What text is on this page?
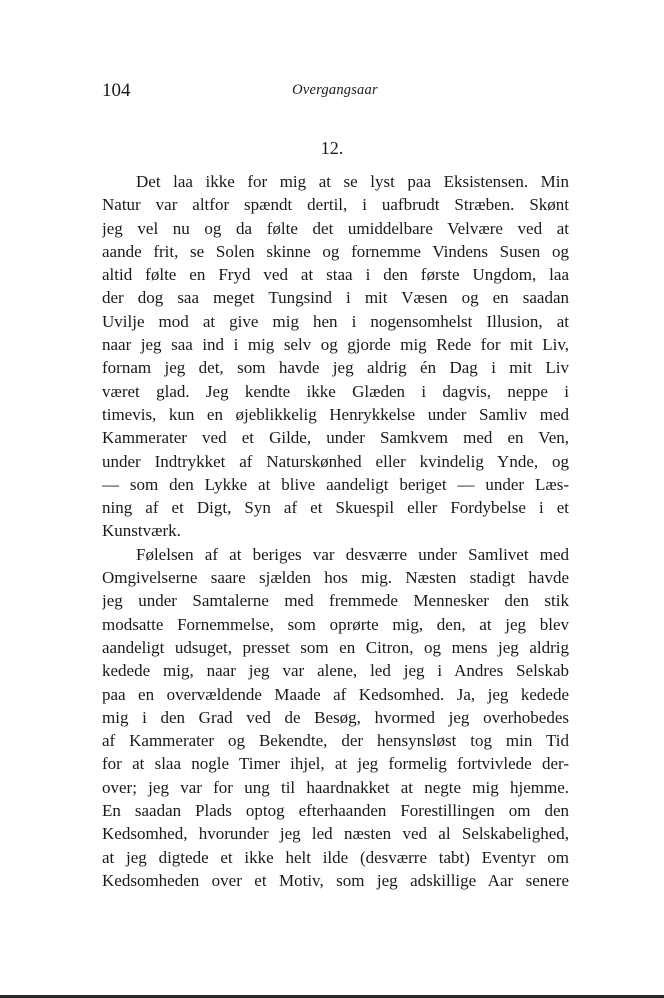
104	Overgangsaar
12.
Det laa ikke for mig at se lyst paa Eksistensen. Min
Natur var altfor spændt dertil, i uafbrudt Stræben. Skønt
jeg vel nu og da følte det umiddelbare Velvære ved at
aande frit, se Solen skinne og fornemme Vindens Susen og
altid følte en Fryd ved at staa i den første Ungdom, laa
der dog saa meget Tungsind i mit Væsen og en saadan
Uvilje mod at give mig hen i nogensomhelst Illusion, at
naar jeg saa ind i mig selv og gjorde mig Rede for mit Liv,
fornam jeg det, som havde jeg aldrig én Dag i mit Liv
været glad. Jeg kendte ikke Glæden i dagvis, neppe i
timevis, kun en øjeblikkelig Henrykkelse under Samliv med
Kammerater ved et Gilde, under Samkvem med en Ven,
under Indtrykket af Naturskønhed eller kvindelig Ynde, og
— som den Lykke at blive aandeligt beriget — under Læs-
ning af et Digt, Syn af et Skuespil eller Fordybelse i et
Kunstværk.
Følelsen af at beriges var desværre under Samlivet med
Omgivelserne saare sjælden hos mig. Næsten stadigt havde
jeg under Samtalerne med fremmede Mennesker den stik
modsatte Fornemmelse, som oprørte mig, den, at jeg blev
aandeligt udsuget, presset som en Citron, og mens jeg aldrig
kedede mig, naar jeg var alene, led jeg i Andres Selskab
paa en overvældende Maade af Kedsomhed. Ja, jeg kedede
mig i den Grad ved de Besøg, hvormed jeg overhobedes
af Kammerater og Bekendte, der hensynsløst tog min Tid
for at slaa nogle Timer ihjel, at jeg formelig fortvivlede der-
over; jeg var for ung til haardnakket at negte mig hjemme.
En saadan Plads optog efterhaanden Forestillingen om den
Kedsomhed, hvorunder jeg led næsten ved al Selskabelighed,
at jeg digtede et ikke helt ilde (desværre tabt) Eventyr om
Kedsomheden over et Motiv, som jeg adskillige Aar senere
